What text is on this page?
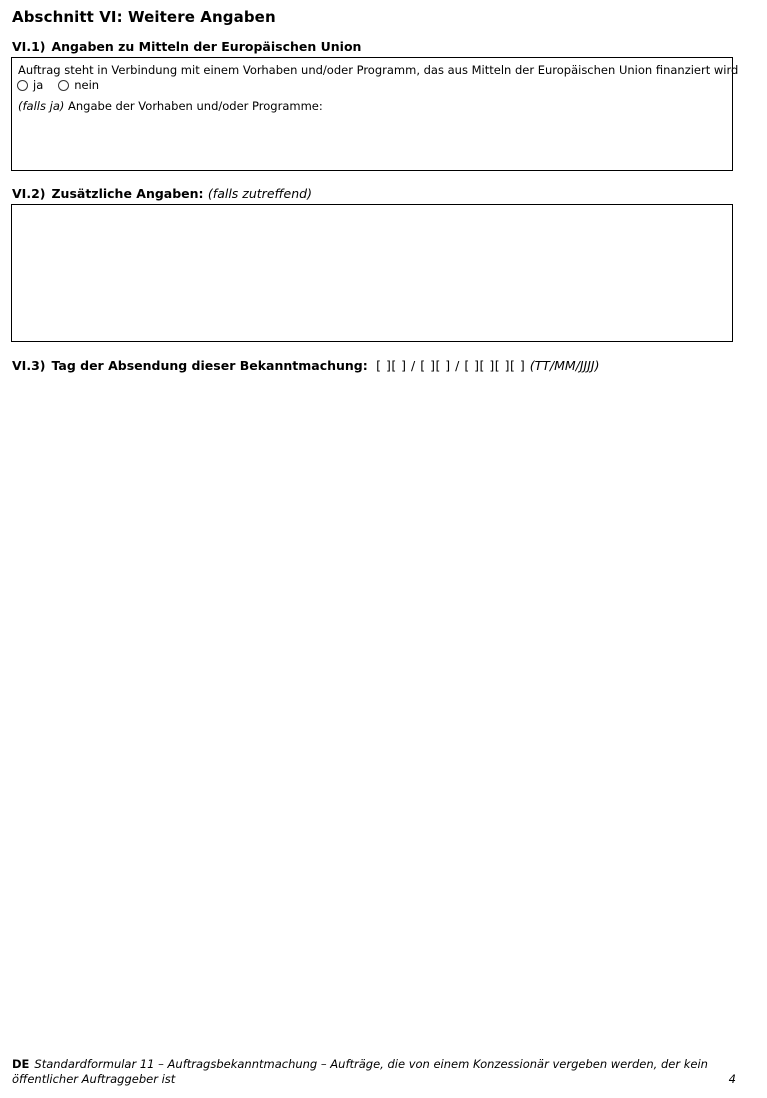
Abschnitt VI: Weitere Angaben
VI.1) Angaben zu Mitteln der Europäischen Union
Auftrag steht in Verbindung mit einem Vorhaben und/oder Programm, das aus Mitteln der Europäischen Union finanziert wird
ja	nein
(falls ja) Angabe der Vorhaben und/oder Programme:
VI.2) Zusätzliche Angaben: (falls zutreffend)
VI.3) Tag der Absendung dieser Bekanntmachung: [ ][ ] / [ ][ ] / [ ][ ][ ][ ] (TT/MM/JJJJ)
DE Standardformular 11 – Auftragsbekanntmachung – Aufträge, die von einem Konzessionär vergeben werden, der kein öffentlicher Auftraggeber ist	4
